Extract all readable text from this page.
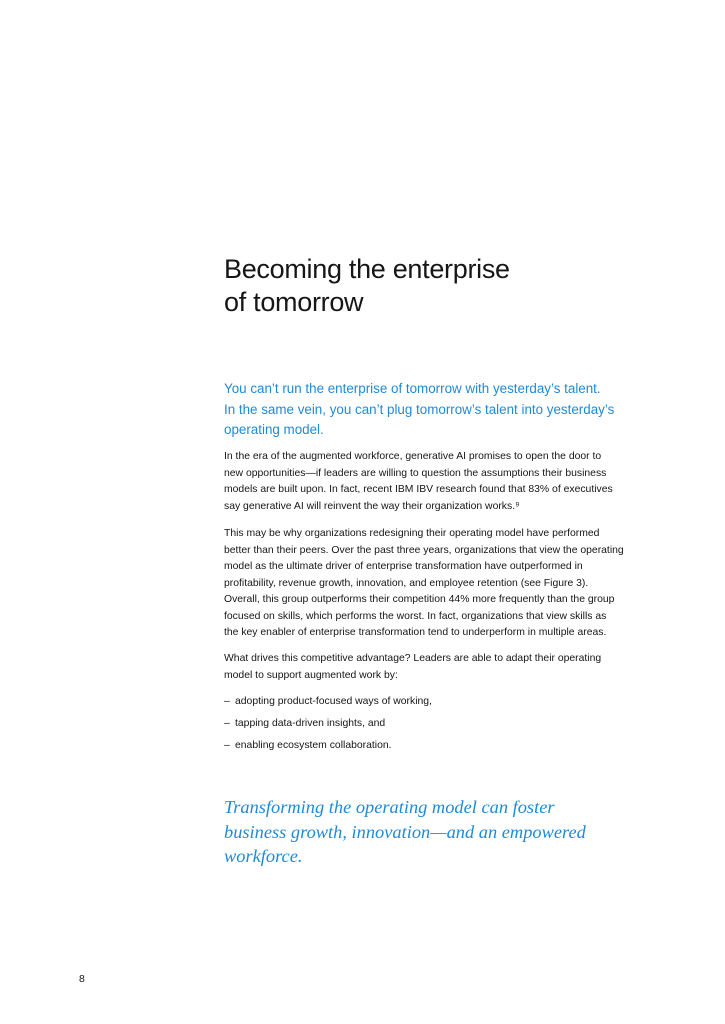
Becoming the enterprise
of tomorrow

You can’t run the enterprise of tomorrow with yesterday’s talent.
In the same vein, you can’t plug tomorrow’s talent into yesterday’s
operating model.

In the era of the augmented workforce, generative AI promises to open the door to
new opportunities—if leaders are willing to question the assumptions their business
models are built upon. In fact, recent IBM IBV research found that 83% of executives
say generative AI will reinvent the way their organization works.⁹

This may be why organizations redesigning their operating model have performed
better than their peers. Over the past three years, organizations that view the operating
model as the ultimate driver of enterprise transformation have outperformed in
profitability, revenue growth, innovation, and employee retention (see Figure 3).
Overall, this group outperforms their competition 44% more frequently than the group
focused on skills, which performs the worst. In fact, organizations that view skills as
the key enabler of enterprise transformation tend to underperform in multiple areas.

What drives this competitive advantage? Leaders are able to adapt their operating
model to support augmented work by:

– adopting product-focused ways of working,
– tapping data-driven insights, and
– enabling ecosystem collaboration.
Transforming the operating model can foster
business growth, innovation—and an empowered
workforce.
8
